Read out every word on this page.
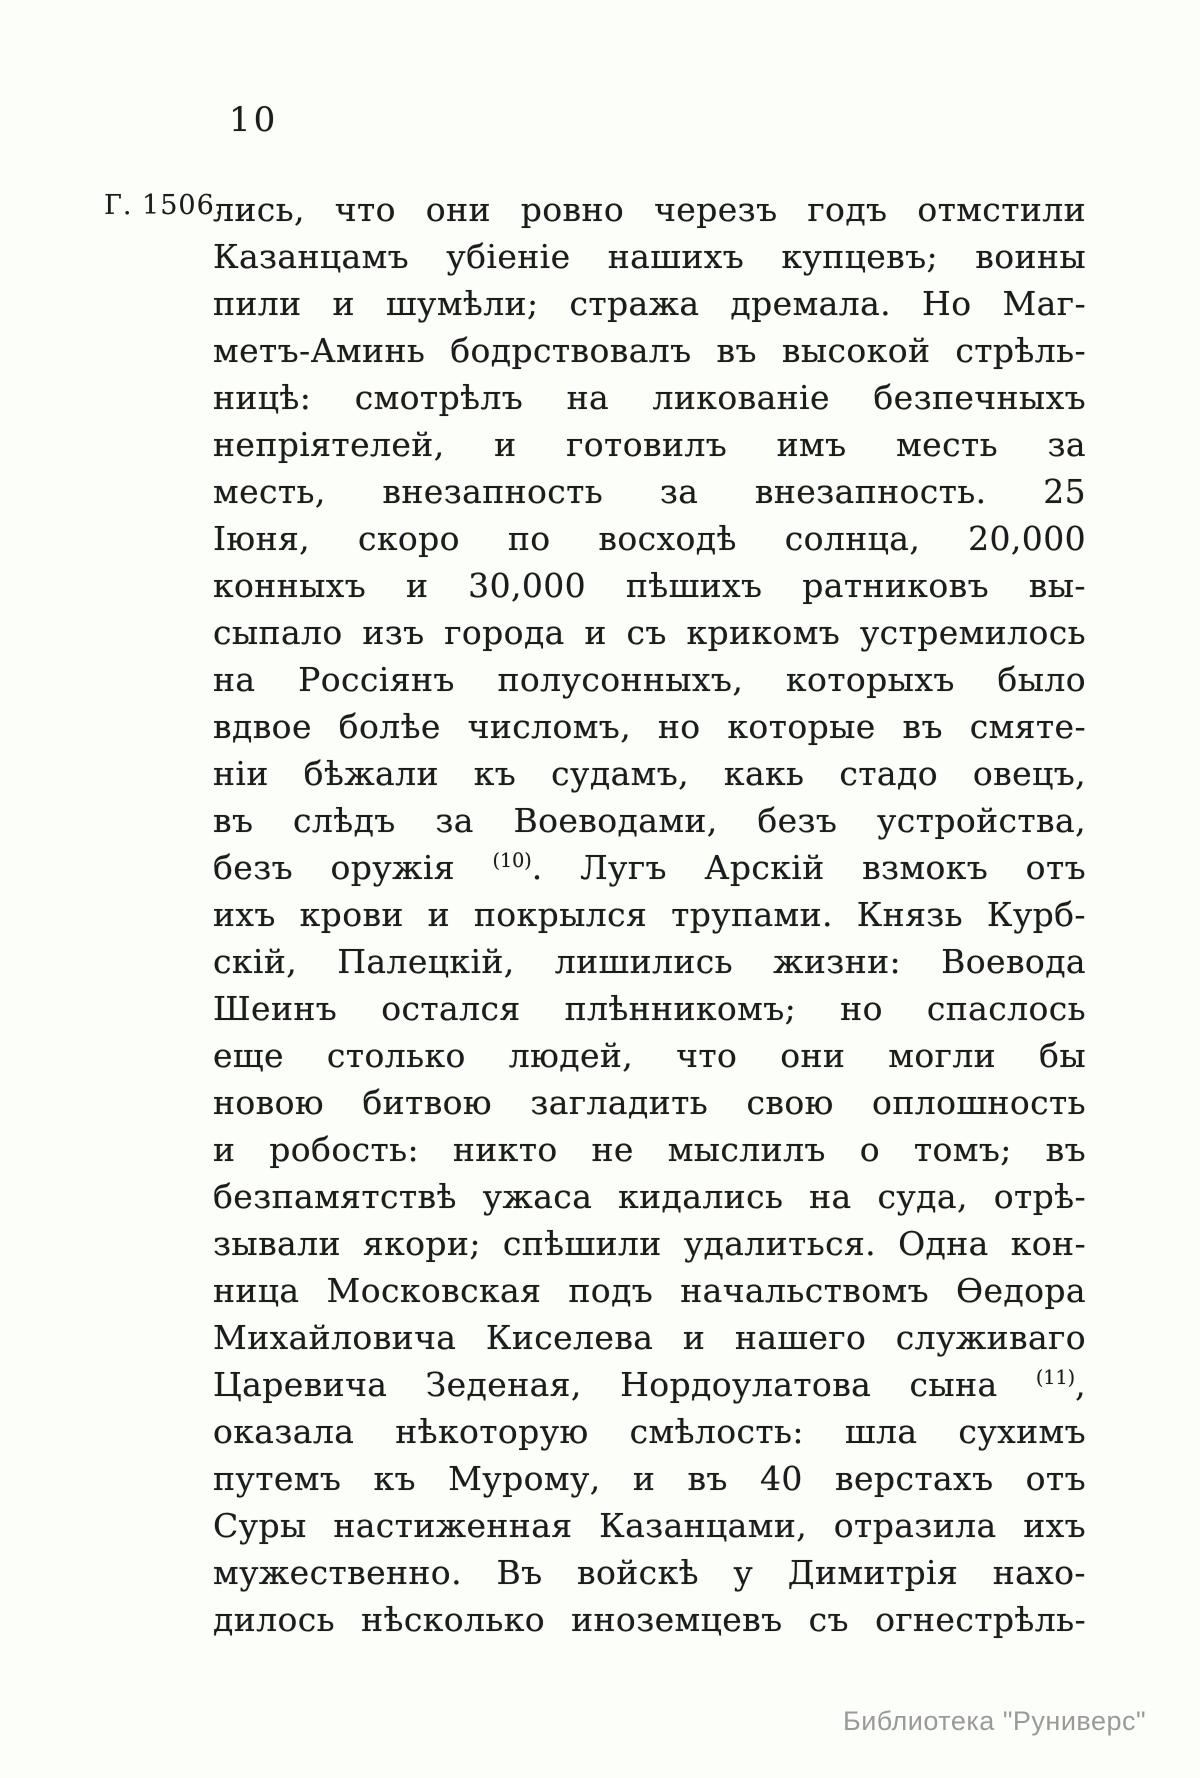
10
Г. 1506.
лись, что они ровно черезъ годъ отмстили
Казанцамъ убіеніе нашихъ купцевъ; воины
пили и шумѣли; стража дремала. Но Маг-
метъ-Аминь бодрствовалъ въ высокой стрѣль-
ницѣ: смотрѣлъ на ликованіе безпечныхъ
непріятелей, и готовилъ имъ месть за
месть, внезапность за внезапность. 25
Іюня, скоро по восходѣ солнца, 20,000
конныхъ и 30,000 пѣшихъ ратниковъ вы-
сыпало изъ города и съ крикомъ устремилось
на Россіянъ полусонныхъ, которыхъ было
вдвое болѣе числомъ, но которые въ смяте-
ніи бѣжали къ судамъ, какь стадо овецъ,
въ слѣдъ за Воеводами, безъ устройства,
безъ оружія $^{(10)}$. Лугъ Арскій взмокъ отъ
ихъ крови и покрылся трупами. Князь Курб-
скій, Палецкій, лишились жизни: Воевода
Шеинъ остался плѣнникомъ; но спаслось
еще столько людей, что они могли бы
новою битвою загладить свою оплошность
и робость: никто не мыслилъ о томъ; въ
безпамятствѣ ужаса кидались на суда, отрѣ-
зывали якори; спѣшили удалиться. Одна кон-
ница Московская подъ начальствомъ Ѳедора
Михайловича Киселева и нашего служиваго
Царевича Зеденая, Нордоулатова сына $^{(11)}$,
оказала нѣкоторую смѣлость: шла сухимъ
путемъ къ Мурому, и въ 40 верстахъ отъ
Суры настиженная Казанцами, отразила ихъ
мужественно. Въ войскѣ у Димитрія нахо-
дилось нѣсколько иноземцевъ съ огнестрѣль-
Библиотека "Руниверс"
